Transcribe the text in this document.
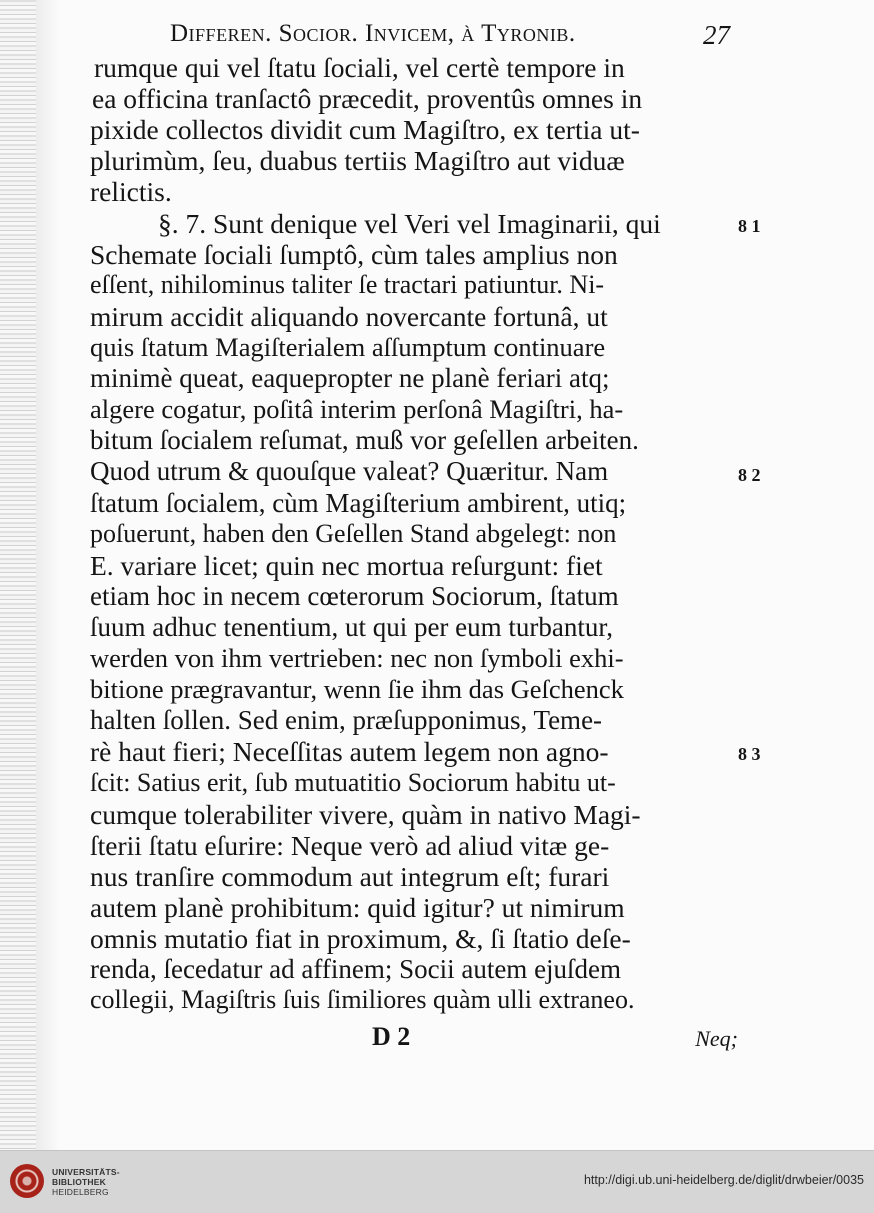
Differen. Socior. Invicem, à Tyronib.	27
rumque qui vel ſtatu ſociali, vel certè tempore in
ea officina tranſactô præcedit, proventûs omnes in
pixide collectos dividit cum Magiſtro, ex tertia ut-
plurimùm, ſeu, duabus tertiis Magiſtro aut viduæ
relictis.
§. 7. Sunt denique vel Veri vel Imaginarii, qui
Schemate ſociali ſumptô, cùm tales amplius non
eſſent, nihilominus taliter ſe tractari patiuntur. Ni-
mirum accidit aliquando novercante fortunâ, ut
quis ſtatum Magiſterialem aſſumptum continuare
minimè queat, eaquepropter ne planè feriari atq;
algere cogatur, poſitâ interim perſonâ Magiſtri, ha-
bitum ſocialem reſumat, muß vor geſellen arbeiten.
Quod utrum & quouſque valeat? Quæritur. Nam
ſtatum ſocialem, cùm Magiſterium ambirent, utiq;
poſuerunt, haben den Geſellen Stand abgelegt: non
E. variare licet; quin nec mortua reſurgunt: fiet
etiam hoc in necem cœterorum Sociorum, ſtatum
ſuum adhuc tenentium, ut qui per eum turbantur,
werden von ihm vertrieben: nec non ſymboli exhi-
bitione prægravantur, wenn ſie ihm das Geſchenck
halten ſollen. Sed enim, præſupponimus, Teme-
rè haut fieri; Neceſſitas autem legem non agno-
ſcit: Satius erit, ſub mutuatitio Sociorum habitu ut-
cumque tolerabiliter vivere, quàm in nativo Magi-
ſterii ſtatu eſurire: Neque verò ad aliud vitæ ge-
nus tranſire commodum aut integrum eſt; furari
autem planè prohibitum: quid igitur? ut nimirum
omnis mutatio fiat in proximum, &, ſi ſtatio deſe-
renda, ſecedatur ad affinem; Socii autem ejuſdem
collegii, Magiſtris ſuis ſimiliores quàm ulli extraneo.
8 1
8 2
8 3
D 2	Neq;
UNIVERSITÄTS-
BIBLIOTHEK
HEIDELBERG
http://digi.ub.uni-heidelberg.de/diglit/drwbeier/0035
